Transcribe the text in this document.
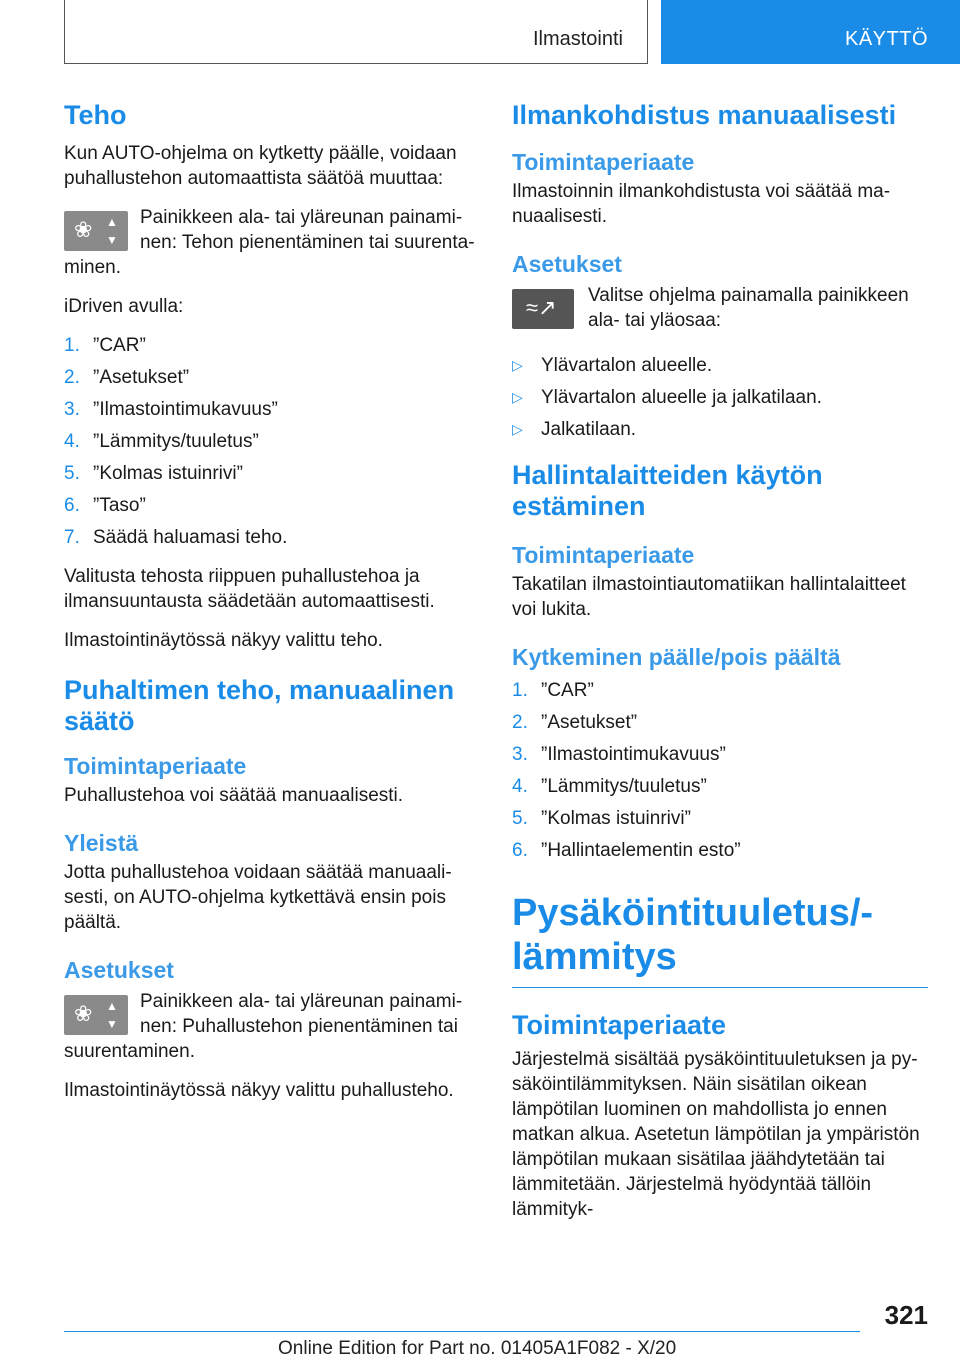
Ilmastointi	KÄYTTÖ
Teho

Kun AUTO-ohjelma on kytketty päälle, voidaan puhallustehon automaattista säätöä muuttaa:

❀ ▲ ▼
Painikkeen ala- tai yläreunan painaminen: Tehon pienentäminen tai suurentaminen.

iDriven avulla:

1. ”CAR”
2. ”Asetukset”
3. ”Ilmastointimukavuus”
4. ”Lämmitys/tuuletus”
5. ”Kolmas istuinrivi”
6. ”Taso”
7. Säädä haluamasi teho.

Valitusta tehosta riippuen puhallustehoa ja ilmansuuntausta säädetään automaattisesti.

Ilmastointinäytössä näkyy valittu teho.

Puhaltimen teho, manuaalinen säätö
Toimintaperiaate

Puhallustehoa voi säätää manuaalisesti.

Yleistä

Jotta puhallustehoa voidaan säätää manuaalisesti, on AUTO-ohjelma kytkettävä ensin pois päältä.

Asetukset
❀ ▲ ▼
Painikkeen ala- tai yläreunan painaminen: Puhallustehon pienentäminen tai suurentaminen.

Ilmastointinäytössä näkyy valittu puhallusteho.

Ilmankohdistus manuaalisesti
Toimintaperiaate

Ilmastoinnin ilmankohdistusta voi säätää manuaalisesti.

Asetukset
≈↗
Valitse ohjelma painamalla painikkeen ala- tai yläosaa:
▷ Ylävartalon alueelle.
▷ Ylävartalon alueelle ja jalkatilaan.
▷ Jalkatilaan.
Hallintalaitteiden käytön estäminen
Toimintaperiaate

Takatilan ilmastointiautomatiikan hallintalaitteet voi lukita.

Kytkeminen päälle/pois päältä
1. ”CAR”
2. ”Asetukset”
3. ”Ilmastointimukavuus”
4. ”Lämmitys/tuuletus”
5. ”Kolmas istuinrivi”
6. ”Hallintaelementin esto”
Pysäköintituuletus/-lämmitys
Toimintaperiaate

Järjestelmä sisältää pysäköintituuletuksen ja pysäköintilämmityksen. Näin sisätilan oikean lämpötilan luominen on mahdollista jo ennen matkan alkua. Asetetun lämpötilan ja ympäristön lämpötilan mukaan sisätilaa jäähdytetään tai lämmitetään. Järjestelmä hyödyntää tällöin lämmityk-

321
Online Edition for Part no. 01405A1F082 - X/20
